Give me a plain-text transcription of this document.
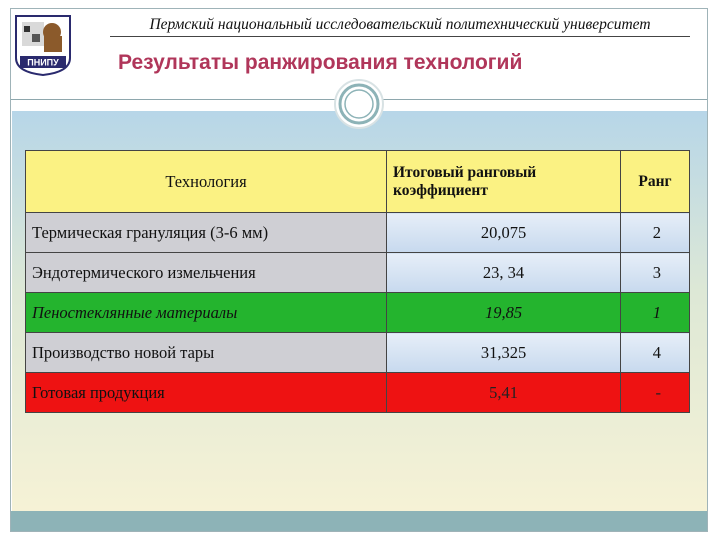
ПНИПУ
Пермский национальный исследовательский политехнический университет
Результаты ранжирования технологий
Технология	Итоговый ранговый коэффициент	Ранг
Термическая грануляция (3-6 мм)	20,075	2
Эндотермического измельчения	23, 34	3
Пеностеклянные материалы	19,85	1
Производство новой тары	31,325	4
Готовая продукция	5,41	-
